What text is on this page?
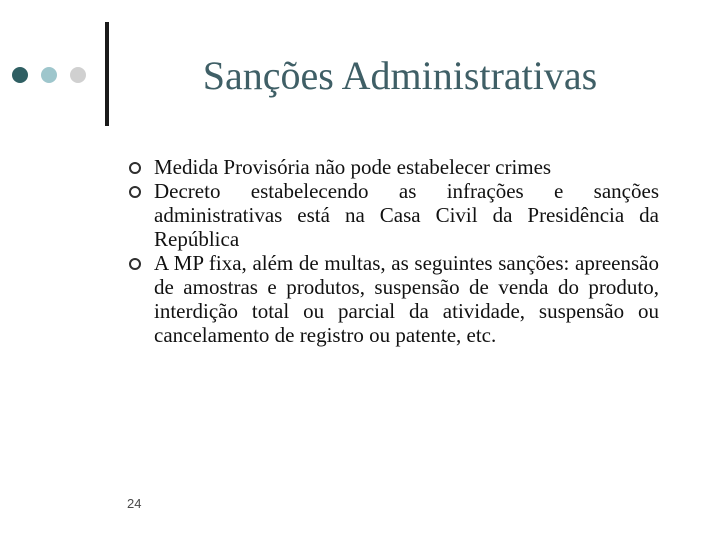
Sanções Administrativas
Medida Provisória não pode estabelecer crimes
Decreto estabelecendo as infrações e sanções administrativas está na Casa Civil da Presidência da República
A MP fixa, além de multas, as seguintes sanções: apreensão de amostras e produtos, suspensão de venda do produto, interdição total ou parcial da atividade, suspensão ou cancelamento de registro ou patente, etc.
24
